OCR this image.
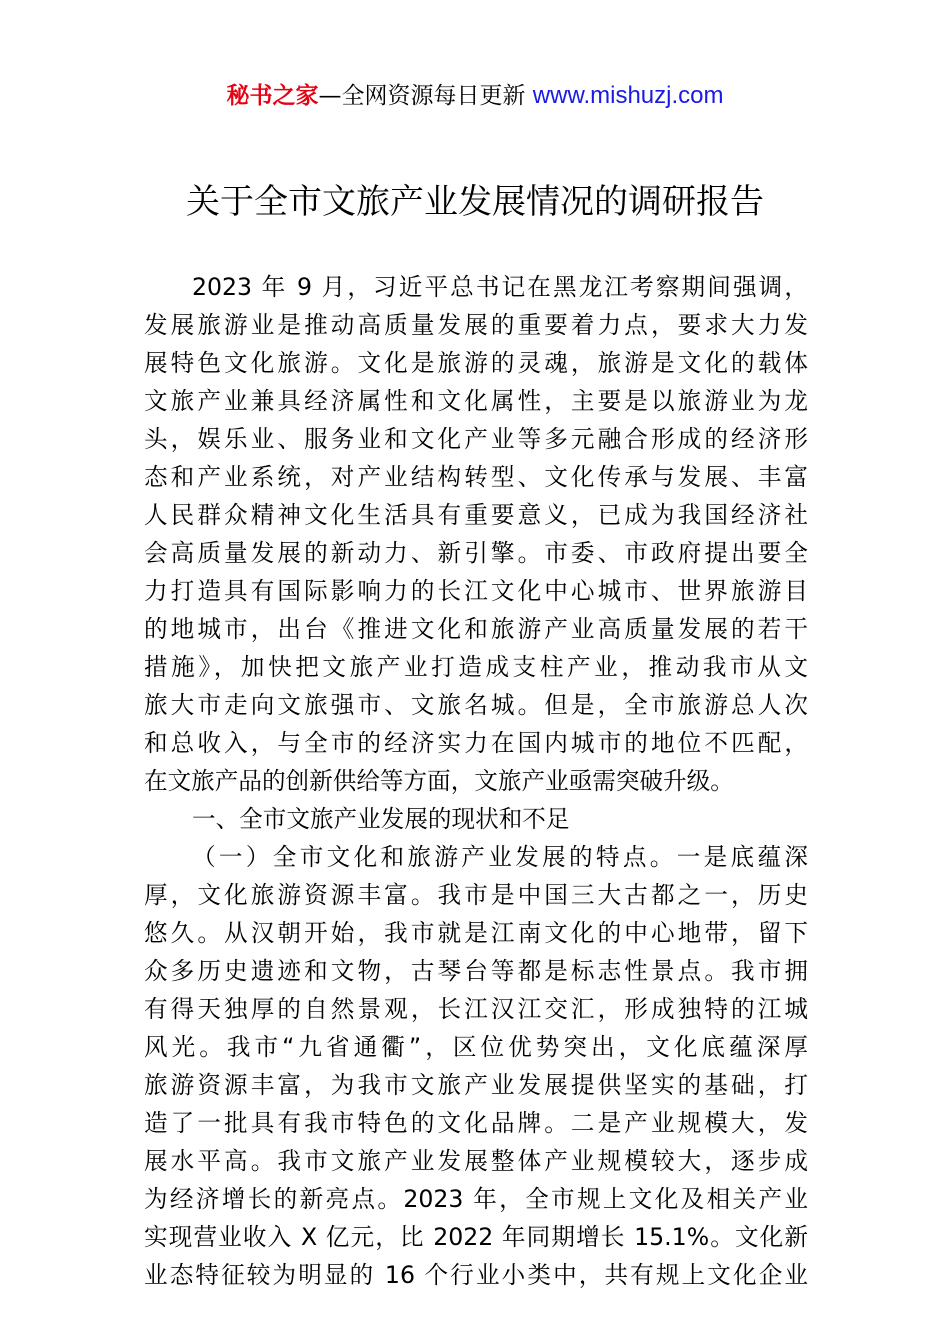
秘书之家—全网资源每日更新 www.mishuzj.com
关于全市文旅产业发展情况的调研报告
2023 年 9 月，习近平总书记在黑龙江考察期间强调，
发展旅游业是推动高质量发展的重要着力点，要求大力发
展特色文化旅游。文化是旅游的灵魂，旅游是文化的载体
文旅产业兼具经济属性和文化属性，主要是以旅游业为龙
头，娱乐业、服务业和文化产业等多元融合形成的经济形
态和产业系统，对产业结构转型、文化传承与发展、丰富
人民群众精神文化生活具有重要意义，已成为我国经济社
会高质量发展的新动力、新引擎。市委、市政府提出要全
力打造具有国际影响力的长江文化中心城市、世界旅游目
的地城市，出台《推进文化和旅游产业高质量发展的若干
措施》，加快把文旅产业打造成支柱产业，推动我市从文
旅大市走向文旅强市、文旅名城。但是，全市旅游总人次
和总收入，与全市的经济实力在国内城市的地位不匹配，
在文旅产品的创新供给等方面，文旅产业亟需突破升级。
一、全市文旅产业发展的现状和不足
（一）全市文化和旅游产业发展的特点。一是底蕴深
厚，文化旅游资源丰富。我市是中国三大古都之一，历史
悠久。从汉朝开始，我市就是江南文化的中心地带，留下
众多历史遗迹和文物，古琴台等都是标志性景点。我市拥
有得天独厚的自然景观，长江汉江交汇，形成独特的江城
风光。我市“九省通衢”，区位优势突出，文化底蕴深厚
旅游资源丰富，为我市文旅产业发展提供坚实的基础，打
造了一批具有我市特色的文化品牌。二是产业规模大，发
展水平高。我市文旅产业发展整体产业规模较大，逐步成
为经济增长的新亮点。2023 年，全市规上文化及相关产业
实现营业收入 X 亿元，比 2022 年同期增长 15.1%。文化新
业态特征较为明显的 16 个行业小类中，共有规上文化企业
